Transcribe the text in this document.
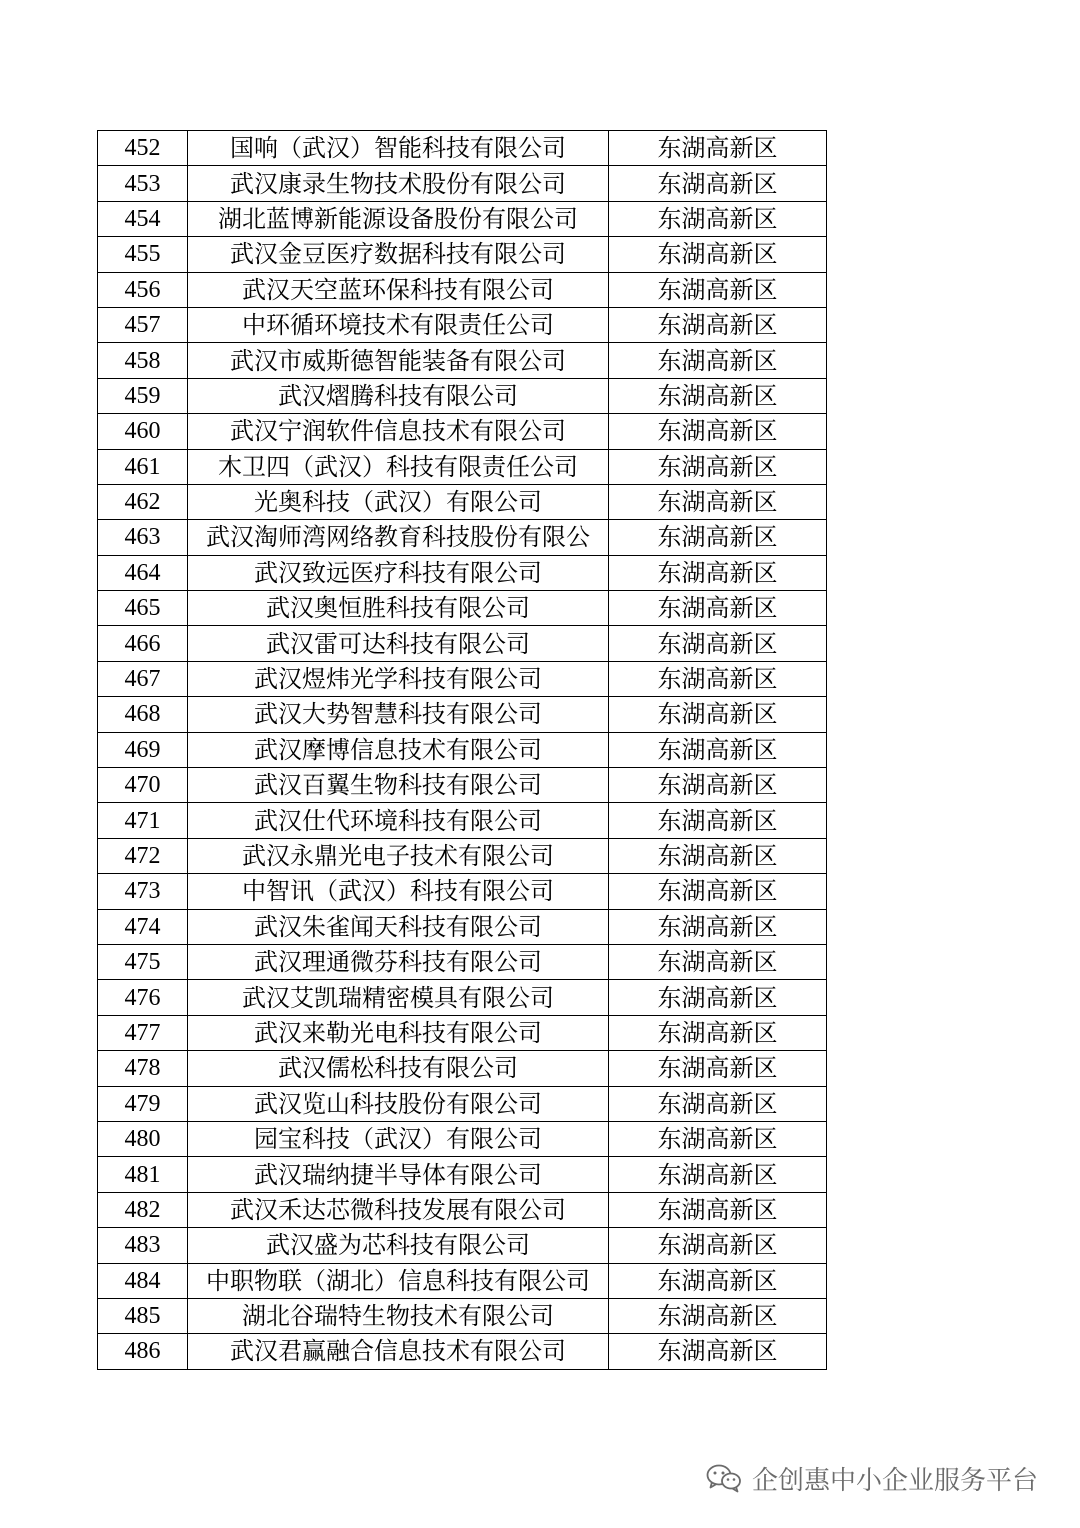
452	国响（武汉）智能科技有限公司	东湖高新区
453	武汉康录生物技术股份有限公司	东湖高新区
454	湖北蓝博新能源设备股份有限公司	东湖高新区
455	武汉金豆医疗数据科技有限公司	东湖高新区
456	武汉天空蓝环保科技有限公司	东湖高新区
457	中环循环境技术有限责任公司	东湖高新区
458	武汉市威斯德智能装备有限公司	东湖高新区
459	武汉熠腾科技有限公司	东湖高新区
460	武汉宁润软件信息技术有限公司	东湖高新区
461	木卫四（武汉）科技有限责任公司	东湖高新区
462	光奥科技（武汉）有限公司	东湖高新区
463	武汉淘师湾网络教育科技股份有限公	东湖高新区
464	武汉致远医疗科技有限公司	东湖高新区
465	武汉奥恒胜科技有限公司	东湖高新区
466	武汉雷可达科技有限公司	东湖高新区
467	武汉煜炜光学科技有限公司	东湖高新区
468	武汉大势智慧科技有限公司	东湖高新区
469	武汉摩博信息技术有限公司	东湖高新区
470	武汉百翼生物科技有限公司	东湖高新区
471	武汉仕代环境科技有限公司	东湖高新区
472	武汉永鼎光电子技术有限公司	东湖高新区
473	中智讯（武汉）科技有限公司	东湖高新区
474	武汉朱雀闻天科技有限公司	东湖高新区
475	武汉理通微芬科技有限公司	东湖高新区
476	武汉艾凯瑞精密模具有限公司	东湖高新区
477	武汉来勒光电科技有限公司	东湖高新区
478	武汉儒松科技有限公司	东湖高新区
479	武汉览山科技股份有限公司	东湖高新区
480	园宝科技（武汉）有限公司	东湖高新区
481	武汉瑞纳捷半导体有限公司	东湖高新区
482	武汉禾达芯微科技发展有限公司	东湖高新区
483	武汉盛为芯科技有限公司	东湖高新区
484	中职物联（湖北）信息科技有限公司	东湖高新区
485	湖北谷瑞特生物技术有限公司	东湖高新区
486	武汉君赢融合信息技术有限公司	东湖高新区
企创惠中小企业服务平台
